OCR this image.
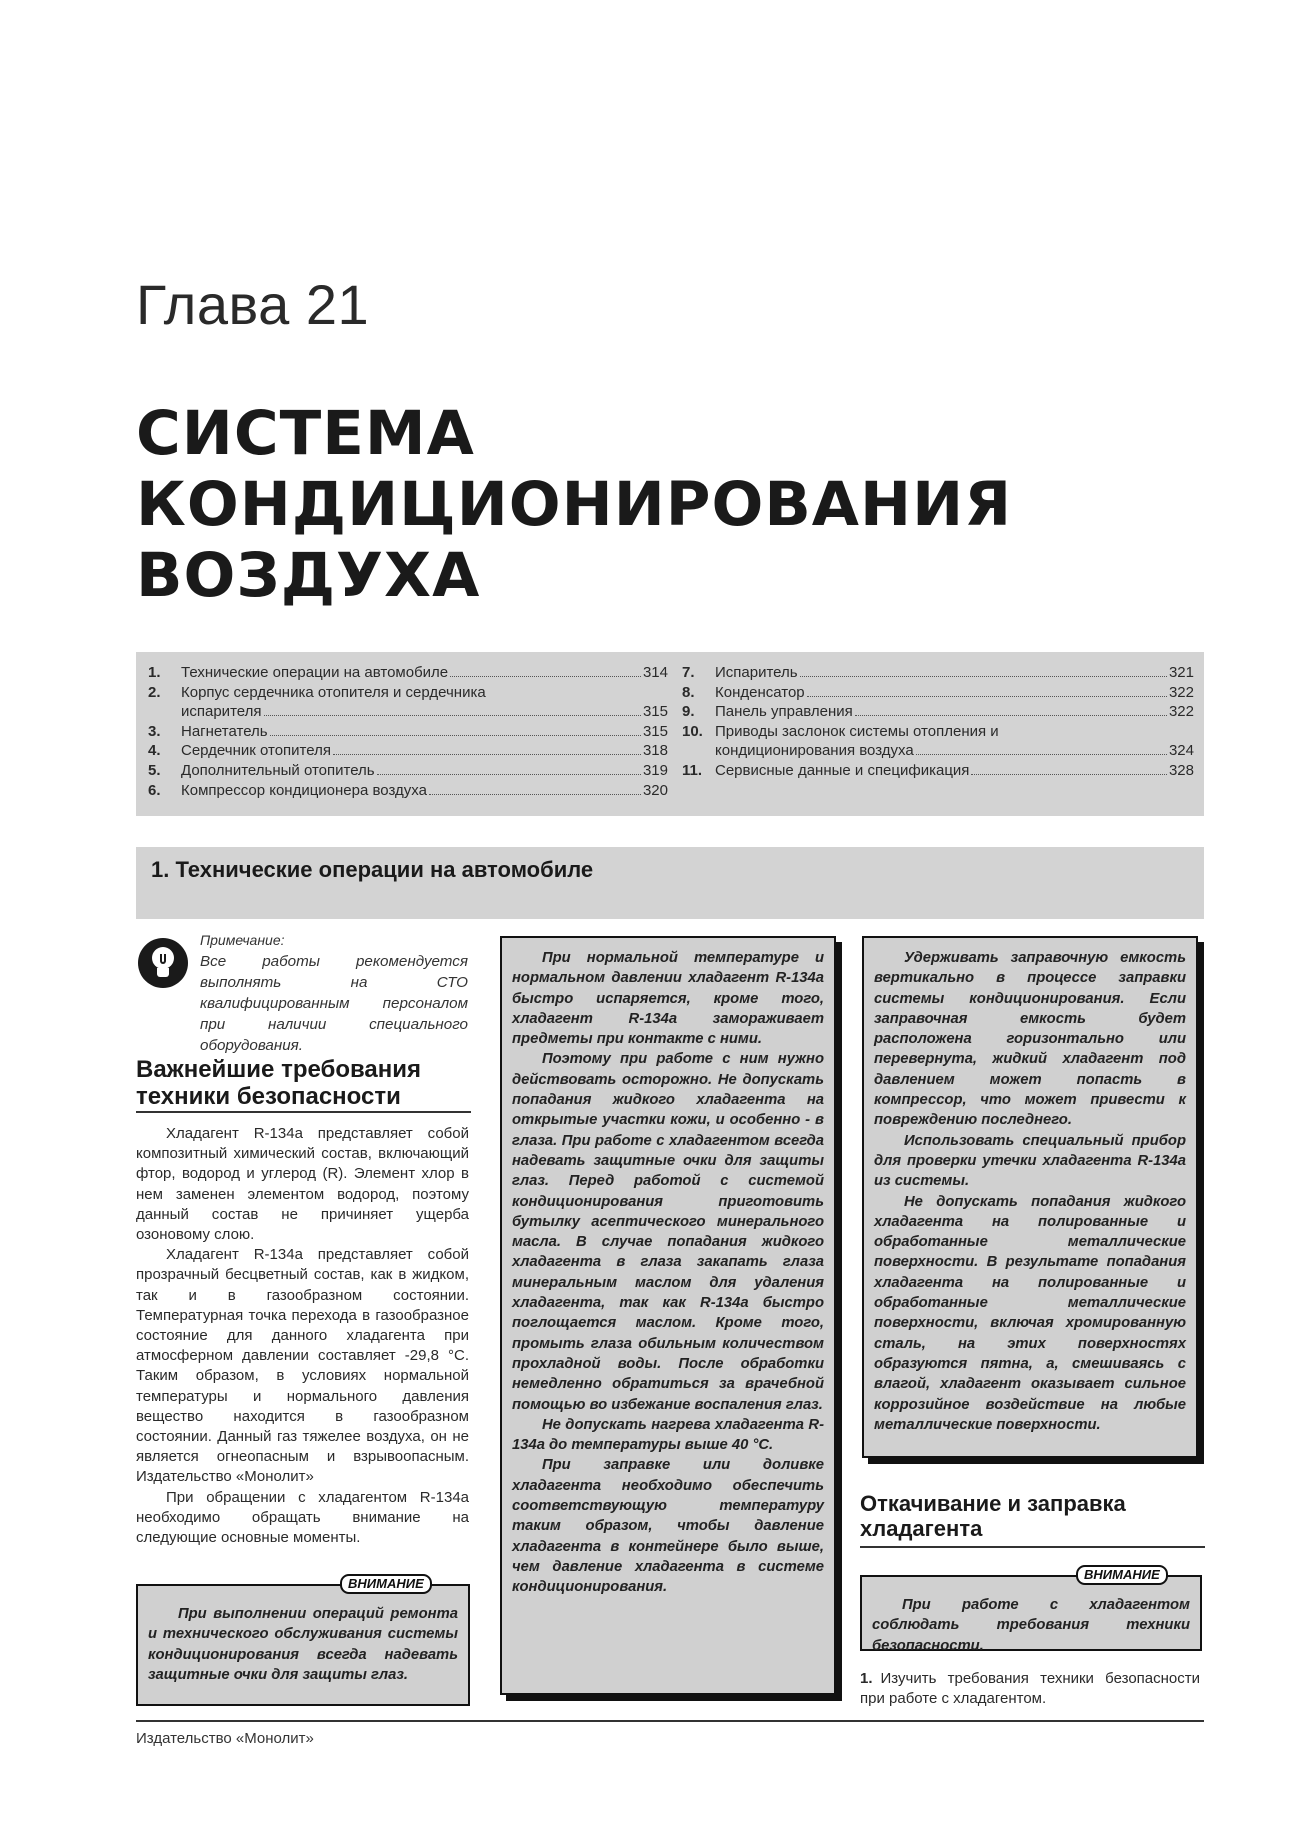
Глава 21
СИСТЕМА
КОНДИЦИОНИРОВАНИЯ
ВОЗДУХА
1.	Технические операции на автомобиле	314
2.	Корпус сердечника отопителя и сердечника
испарителя	315
3.	Нагнетатель	315
4.	Сердечник отопителя	318
5.	Дополнительный отопитель	319
6.	Компрессор кондиционера воздуха	320
7.	Испаритель	321
8.	Конденсатор	322
9.	Панель управления	322
10. Приводы заслонок системы отопления и
кондиционирования воздуха	324
11. Сервисные данные и спецификация	328
1. Технические операции на автомобиле
Примечание:
Все работы рекомендуется выполнять на СТО квалифицированным персоналом при наличии специального оборудования.
Важнейшие требования
техники безопасности

Хладагент R-134a представляет собой композитный химический состав, включающий фтор, водород и углерод (R). Элемент хлор в нем заменен элементом водород, поэтому данный состав не причиняет ущерба озоновому слою.

Хладагент R-134a представляет собой прозрачный бесцветный состав, как в жидком, так и в газообразном состоянии. Температурная точка перехода в газообразное состояние для данного хладагента при атмосферном давлении составляет -29,8 °С. Таким образом, в условиях нормальной температуры и нормального давления вещество находится в газообразном состоянии. Данный газ тяжелее воздуха, он не является огнеопасным и взрывоопасным. Издательство «Монолит»

При обращении с хладагентом R-134a необходимо обращать внимание на следующие основные моменты.

При выполнении операций ремонта и технического обслуживания системы кондиционирования всегда надевать защитные очки для защиты глаз.

ВНИМАНИЕ

При нормальной температуре и нормальном давлении хладагент R-134a быстро испаряется, кроме того, хладагент R-134a замораживает предметы при контакте с ними.

Поэтому при работе с ним нужно действовать осторожно. Не допускать попадания жидкого хладагента на открытые участки кожи, и особенно - в глаза. При работе с хладагентом всегда надевать защитные очки для защиты глаз. Перед работой с системой кондиционирования приготовить бутылку асептического минерального масла. В случае попадания жидкого хладагента в глаза закапать глаза минеральным маслом для удаления хладагента, так как R-134a быстро поглощается маслом. Кроме того, промыть глаза обильным количеством прохладной воды. После обработки немедленно обратиться за врачебной помощью во избежание воспаления глаз.

Не допускать нагрева хладагента R-134a до температуры выше 40 °С.

При заправке или доливке хладагента необходимо обеспечить соответствующую температуру таким образом, чтобы давление хладагента в контейнере было выше, чем давление хладагента в системе кондиционирования.

Удерживать заправочную емкость вертикально в процессе заправки системы кондиционирования. Если заправочная емкость будет расположена горизонтально или перевернута, жидкий хладагент под давлением может попасть в компрессор, что может привести к повреждению последнего.

Использовать специальный прибор для проверки утечки хладагента R-134a из системы.

Не допускать попадания жидкого хладагента на полированные и обработанные металлические поверхности. В результате попадания хладагента на полированные и обработанные металлические поверхности, включая хромированную сталь, на этих поверхностях образуются пятна, а, смешиваясь с влагой, хладагент оказывает сильное коррозийное воздействие на любые металлические поверхности.

Откачивание и заправка
хладагента

При работе с хладагентом соблюдать требования техники безопасности.

ВНИМАНИЕ
1. Изучить требования техники безопасности при работе с хладагентом.
Издательство «Монолит»
